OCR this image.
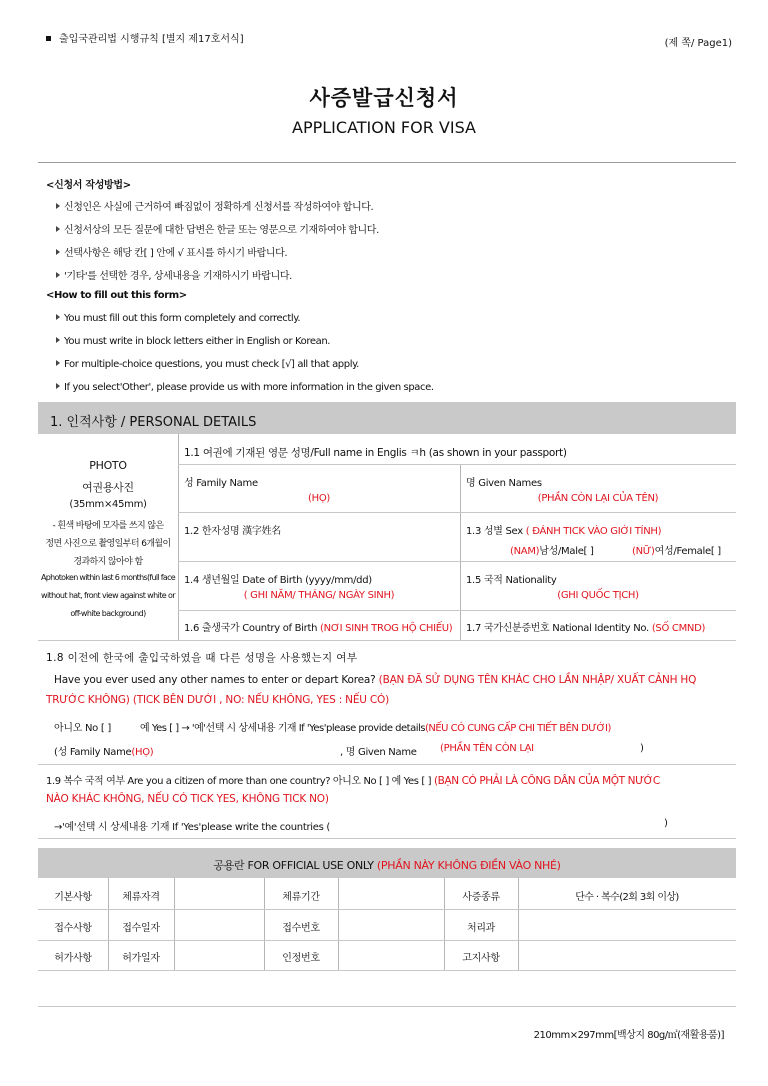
출입국관리법 시행규칙 [별지 제17호서식]	(제 쪽/ Page1)
사증발급신청서
APPLICATION FOR VISA
<신청서 작성방법>
신청인은 사실에 근거하여 빠짐없이 정확하게 신청서를 작성하여야 합니다.
신청서상의 모든 질문에 대한 답변은 한글 또는 영문으로 기재하여야 합니다.
선택사항은 해당 칸[ ] 안에 √ 표시를 하시기 바랍니다.
'기타'를 선택한 경우, 상세내용을 기재하시기 바랍니다.
<How to fill out this form>
You must fill out this form completely and correctly.
You must write in block letters either in English or Korean.
For multiple-choice questions, you must check [√] all that apply.
If you select'Other', please provide us with more information in the given space.
1. 인적사항 / PERSONAL DETAILS
PHOTO
여권용사진
(35mm×45mm)
- 흰색 바탕에 모자를 쓰지 않은
정면 사진으로 촬영일부터 6개월이
경과하지 않아야 함
Aphotoken within last 6 months(full face
without hat, front view against white or
off-white background)
1.1 여권에 기재된 영문 성명/Full name in Englis ㅋh (as shown in your passport)
성 Family Name
(HỌ)
명 Given Names
(PHẦN CÒN LẠI CỦA TÊN)
1.2 한자성명 漢字姓名	1.3 성별 Sex ( ĐÁNH TICK VÀO GIỚI TÍNH)
(NAM)남성/Male[ ]	(NỮ)여성/Female[ ]
1.4 생년월일 Date of Birth (yyyy/mm/dd)
( GHI NĂM/ THÁNG/ NGÀY SINH)
1.5 국적 Nationality
(GHI QUỐC TỊCH)
1.6 출생국가 Country of Birth (NƠI SINH TROG HỘ CHIẾU) 1.7 국가신분증번호 National Identity No. (SỐ CMND)
1.8 이전에 한국에 출입국하였을 때 다른 성명을 사용했는지 여부
Have you ever used any other names to enter or depart Korea? (BẠN ĐÃ SỬ DỤNG TÊN KHÁC CHO LẦN NHẬP/ XUẤT CẢNH HQ
TRƯỚC KHÔNG) (TICK BÊN DƯỚI , NO: NẾU KHÔNG, YES : NẾU CÓ)
아니오 No [ ]	예 Yes [ ] → '예'선택 시 상세내용 기재 If 'Yes'please provide details(NẾU CÓ CUNG CẤP CHI TIẾT BÊN DƯỚI)
(성 Family Name(HỌ)	, 명 Given Name (PHẦN TÊN CÒN LẠI	)
1.9 복수 국적 여부 Are you a citizen of more than one country? 아니오 No [ ] 예 Yes [ ] (BẠN CÓ PHẢI LÀ CÔNG DÂN CỦA MỘT NƯỚC
NÀO KHÁC KHÔNG, NẾU CÓ TICK YES, KHÔNG TICK NO)
→'예'선택 시 상세내용 기재 If 'Yes'please write the countries (	)
공용란 FOR OFFICIAL USE ONLY (PHẦN NÀY KHÔNG ĐIỀN VÀO NHÉ)
기본사항	체류자격	체류기간	사증종류	단수 · 복수(2회 3회 이상)
접수사항	접수일자	접수번호	처리과
허가사항	허가일자	인정번호	고지사항
210mm×297mm[백상지 80g/㎡(재활용품)]
